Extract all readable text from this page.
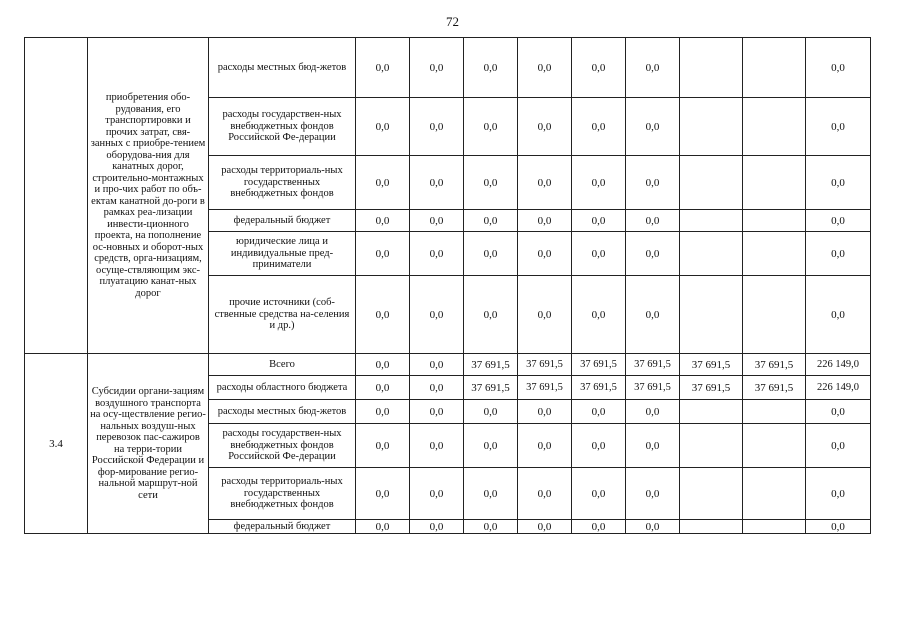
72
	приобретения обо-рудования, его транспортировки и прочих затрат, свя-занных с приобре-тением оборудова-ния для канатных дорог, строительно-монтажных и про-чих работ по объ-ектам канатной до-роги в рамках реа-лизации инвести-ционного проекта, на пополнение ос-новных и оборот-ных средств, орга-низациям, осуще-ствляющим экс-плуатацию канат-ных дорог	расходы местных бюд-жетов	0,0	0,0	0,0	0,0	0,0	0,0			0,0
		расходы государствен-ных внебюджетных фондов Российской Фе-дерации	0,0	0,0	0,0	0,0	0,0	0,0			0,0
		расходы территориаль-ных государственных внебюджетных фондов	0,0	0,0	0,0	0,0	0,0	0,0			0,0
		федеральный бюджет	0,0	0,0	0,0	0,0	0,0	0,0			0,0
		юридические лица и индивидуальные пред-приниматели	0,0	0,0	0,0	0,0	0,0	0,0			0,0
		прочие источники (соб-ственные средства на-селения и др.)	0,0	0,0	0,0	0,0	0,0	0,0			0,0
3.4	Субсидии органи-зациям воздушного транспорта на осу-ществление регио-нальных воздуш-ных перевозок пас-сажиров на терри-тории Российской Федерации и фор-мирование регио-нальной маршрут-ной сети	Всего	0,0	0,0	37 691,5	37 691,5	37 691,5	37 691,5	37 691,5	37 691,5	226 149,0
		расходы областного бюджета	0,0	0,0	37 691,5	37 691,5	37 691,5	37 691,5	37 691,5	37 691,5	226 149,0
		расходы местных бюд-жетов	0,0	0,0	0,0	0,0	0,0	0,0			0,0
		расходы государствен-ных внебюджетных фондов Российской Фе-дерации	0,0	0,0	0,0	0,0	0,0	0,0			0,0
		расходы территориаль-ных государственных внебюджетных фондов	0,0	0,0	0,0	0,0	0,0	0,0			0,0
		федеральный бюджет	0,0	0,0	0,0	0,0	0,0	0,0			0,0
